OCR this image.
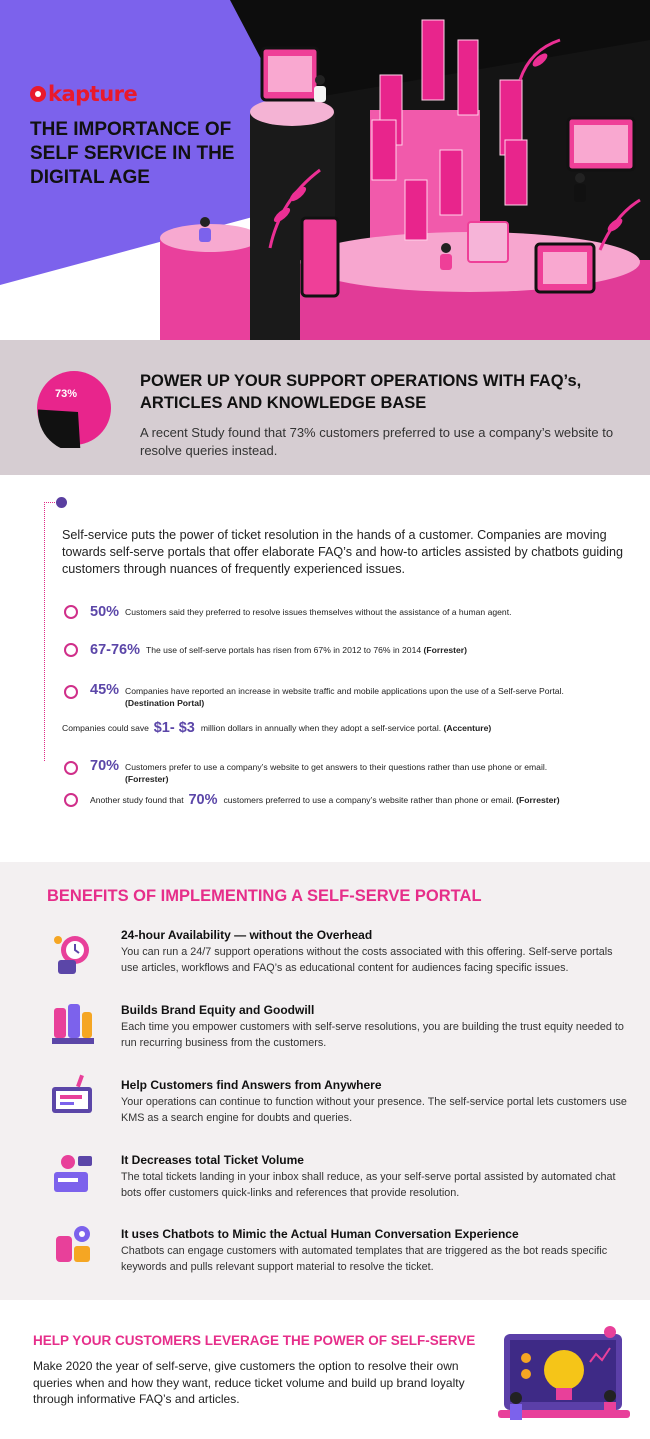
kapture
THE IMPORTANCE OF SELF SERVICE IN THE DIGITAL AGE
73%
POWER UP YOUR SUPPORT OPERATIONS WITH FAQ’s, ARTICLES AND KNOWLEDGE BASE
A recent Study found that 73% customers preferred to use a company’s website to resolve queries instead.
Self-service puts the power of ticket resolution in the hands of a customer. Companies are moving towards self-serve portals that offer elaborate FAQ’s and how-to articles assisted by chatbots guiding customers through nuances of frequently experienced issues.
50% Customers said they preferred to resolve issues themselves without the assistance of a human agent.
67-76% The use of self-serve portals has risen from 67% in 2012 to 76% in 2014
(Forrester)
45% Companies have reported an increase in website traffic and mobile applications upon the use of a Self-serve Portal.
(Destination Portal)
Companies could save
$1- $3 million dollars in annually when they adopt a self-service portal.
(Accenture)
70% Customers prefer to use a company’s website to get answers to their questions rather than use phone or email.
(Forrester)
Another study found that
70% customers preferred to use a company’s website rather than phone or email.
(Forrester)
BENEFITS OF IMPLEMENTING A SELF-SERVE PORTAL
24-hour Availability — without the Overhead
You can run a 24/7 support operations without the costs associated with this offering. Self-serve portals use articles, workflows and FAQ’s as educational content for audiences facing specific issues.
Builds Brand Equity and Goodwill
Each time you empower customers with self-serve resolutions, you are building the trust equity needed to run recurring business from the customers.
Help Customers find Answers from Anywhere
Your operations can continue to function without your presence. The self-service portal lets customers use KMS as a search engine for doubts and queries.
It Decreases total Ticket Volume
The total tickets landing in your inbox shall reduce, as your self-serve portal assisted by automated chat bots offer customers quick-links and references that provide resolution.
It uses Chatbots to Mimic the Actual Human Conversation Experience
Chatbots can engage customers with automated templates that are triggered as the bot reads specific keywords and pulls relevant support material to resolve the ticket.
HELP YOUR CUSTOMERS LEVERAGE THE POWER OF SELF-SERVE
Make 2020 the year of self-serve, give customers the option to resolve their own queries when and how they want, reduce ticket volume and build up brand loyalty through informative FAQ’s and articles.
